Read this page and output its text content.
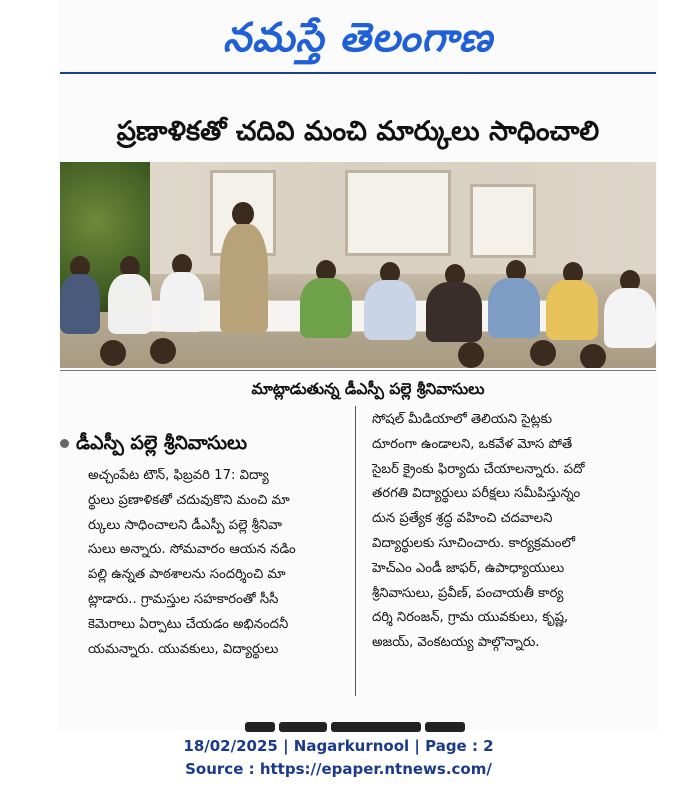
నమస్తే తెలంగాణ
ప్రణాళికతో చదివి మంచి మార్కులు సాధించాలి
మాట్లాడుతున్న డీఎస్పీ పల్లె శ్రీనివాసులు
డీఎస్పీ పల్లె శ్రీనివాసులు
అచ్చంపేట టౌన్, ఫిబ్రవరి 17: విద్యా
ర్థులు ప్రణాళికతో చదువుకొని మంచి మా
ర్కులు సాధించాలని డీఎస్పీ పల్లె శ్రీనివా
సులు అన్నారు. సోమవారం ఆయన నడిం
పల్లి ఉన్నత పాఠశాలను సందర్శించి మా
ట్లాడారు.. గ్రామస్తుల సహకారంతో సీసీ
కెమెరాలు ఏర్పాటు చేయడం అభినందనీ
యమన్నారు. యువకులు, విద్యార్థులు
సోషల్ మీడియాలో తెలియని సైట్లకు
దూరంగా ఉండాలని, ఒకవేళ మోస పోతే
సైబర్ క్రైంకు ఫిర్యాదు చేయాలన్నారు. పదో
తరగతి విద్యార్థులు పరీక్షలు సమీపిస్తున్నం
దున ప్రత్యేక శ్రద్ధ వహించి చదవాలని
విద్యార్థులకు సూచించారు. కార్యక్రమంలో
హెచ్‌ఎం ఎండీ జాఫర్, ఉపాధ్యాయులు
శ్రీనివాసులు, ప్రవీణ్, పంచాయతీ కార్య
దర్శి నిరంజన్, గ్రామ యువకులు, కృష్ణ,
అజయ్, వెంకటయ్య పాల్గొన్నారు.
18/02/2025 | Nagarkurnool | Page : 2
Source : https://epaper.ntnews.com/
